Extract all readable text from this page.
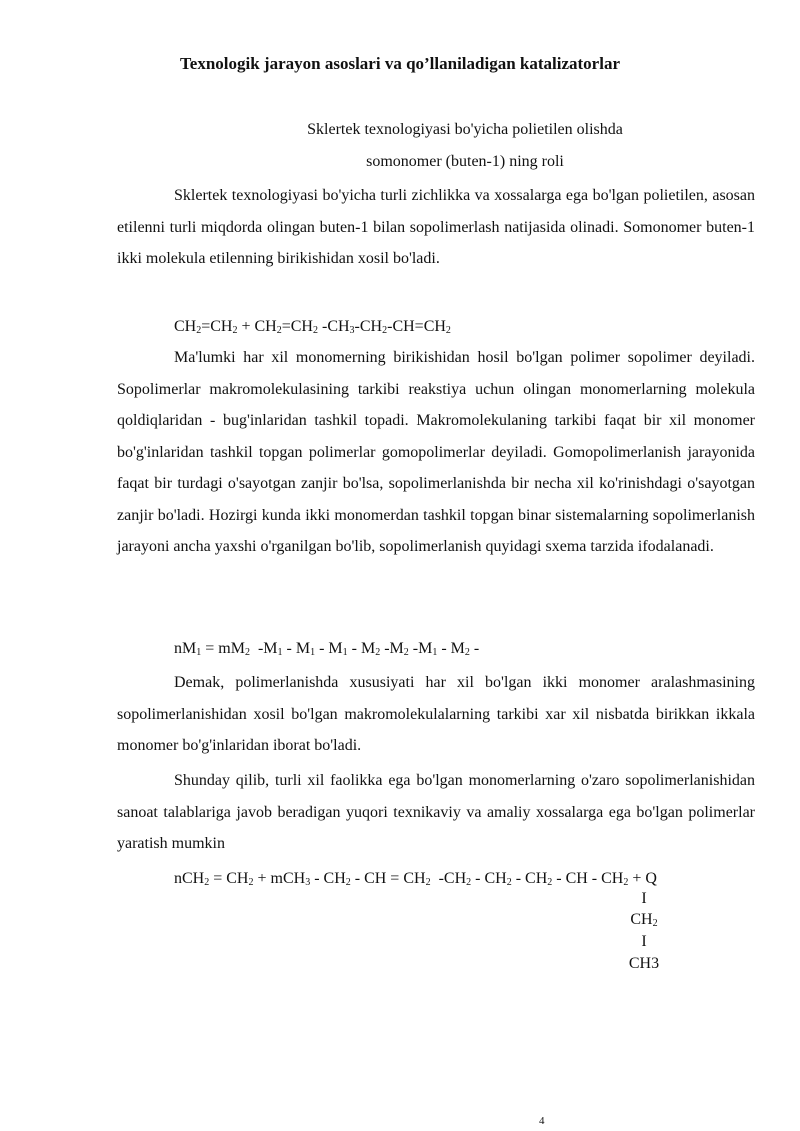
Texnologik jarayon asoslari va qo’llaniladigan katalizatorlar
Sklertek texnologiyasi bo'yicha polietilen olishda
somonomer (buten-1) ning roli

Sklertek texnologiyasi bo'yicha turli zichlikka va xossalarga ega bo'lgan polietilen, asosan etilenni turli miqdorda olingan buten-1 bilan sopolimerlash natijasida olinadi. Somonomer buten-1 ikki molekula etilenning birikishidan xosil bo'ladi.

$CH_2=CH_2 + CH_2=CH_2$ $-CH_3-CH_2-CH=CH_2$

Ma'lumki har xil monomerning birikishidan hosil bo'lgan polimer sopolimer deyiladi. Sopolimerlar makromolekulasining tarkibi reakstiya uchun olingan monomerlarning molekula qoldiqlaridan - bug'inlaridan tashkil topadi. Makromolekulaning tarkibi faqat bir xil monomer bo'g'inlaridan tashkil topgan polimerlar gomopolimerlar deyiladi. Gomopolimerlanish jarayonida faqat bir turdagi o'sayotgan zanjir bo'lsa, sopolimerlanishda bir necha xil ko'rinishdagi o'sayotgan zanjir bo'ladi. Hozirgi kunda ikki monomerdan tashkil topgan binar sistemalarning sopolimerlanish jarayoni ancha yaxshi o'rganilgan bo'lib, sopolimerlanish quyidagi sxema tarzida ifodalanadi.

$nM_1 = mM_2$  $-M_1 - M_1 - M_1 - M_2$ $-M_2$ $-M_1 - M_2$ -

Demak, polimerlanishda xususiyati har xil bo'lgan ikki monomer aralashmasining sopolimerlanishidan xosil bo'lgan makromolekulalarning tarkibi xar xil nisbatda birikkan ikkala monomer bo'g'inlaridan iborat bo'ladi.

Shunday qilib, turli xil faolikka ega bo'lgan monomerlarning o'zaro sopolimerlanishidan sanoat talablariga javob beradigan yuqori texnikaviy va amaliy xossalarga ega bo'lgan polimerlar yaratish mumkin

$nCH_2 = CH_2 + mCH_3 - CH_2$ - CH = $CH_2$  $-CH_2 - CH_2 - CH_2$ - CH - $CH_2 + Q$
I
$CH_2$
I
CH3
4
